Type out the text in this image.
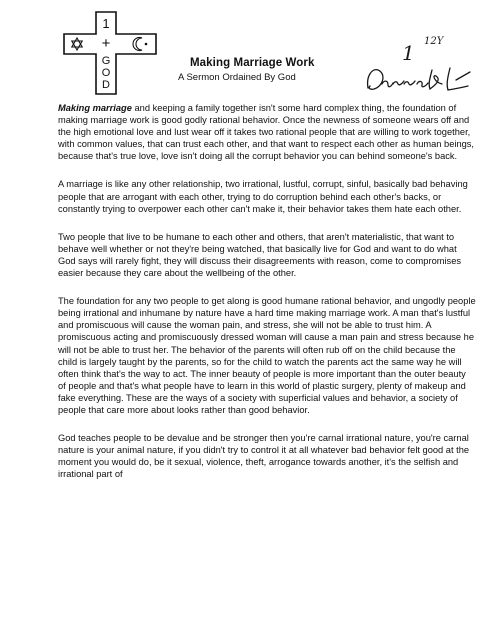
1
+
G
O
D
Making Marriage Work
A Sermon Ordained By God
1 12Y

Making marriage and keeping a family together isn't some hard complex thing, the foundation of making marriage work is good godly rational behavior. Once the newness of someone wears off and the high emotional love and lust wear off it takes two rational people that are willing to work together, with common values, that can trust each other, and that want to respect each other as human beings, because that's true love, love isn't doing all the corrupt behavior you can behind someone's back.

A marriage is like any other relationship, two irrational, lustful, corrupt, sinful, basically bad behaving people that are arrogant with each other, trying to do corruption behind each other's backs, or constantly trying to overpower each other can't make it, their behavior takes them hate each other.

Two people that live to be humane to each other and others, that aren't materialistic, that want to behave well whether or not they're being watched, that basically live for God and want to do what God says will rarely fight, they will discuss their disagreements with reason, come to compromises easier because they care about the wellbeing of the other.

The foundation for any two people to get along is good humane rational behavior, and ungodly people being irrational and inhumane by nature have a hard time making marriage work. A man that's lustful and promiscuous will cause the woman pain, and stress, she will not be able to trust him. A promiscuous acting and promiscuously dressed woman will cause a man pain and stress because he will not be able to trust her. The behavior of the parents will often rub off on the child because the child is largely taught by the parents, so for the child to watch the parents act the same way he will often think that's the way to act. The inner beauty of people is more important than the outer beauty of people and that's what people have to learn in this world of plastic surgery, plenty of makeup and fake everything. These are the ways of a society with superficial values and behavior, a society of people that care more about looks rather than good behavior.

God teaches people to be devalue and be stronger then you're carnal irrational nature, you're carnal nature is your animal nature, if you didn't try to control it at all whatever bad behavior felt good at the moment you would do, be it sexual, violence, theft, arrogance towards another, it's the selfish and irrational part of
